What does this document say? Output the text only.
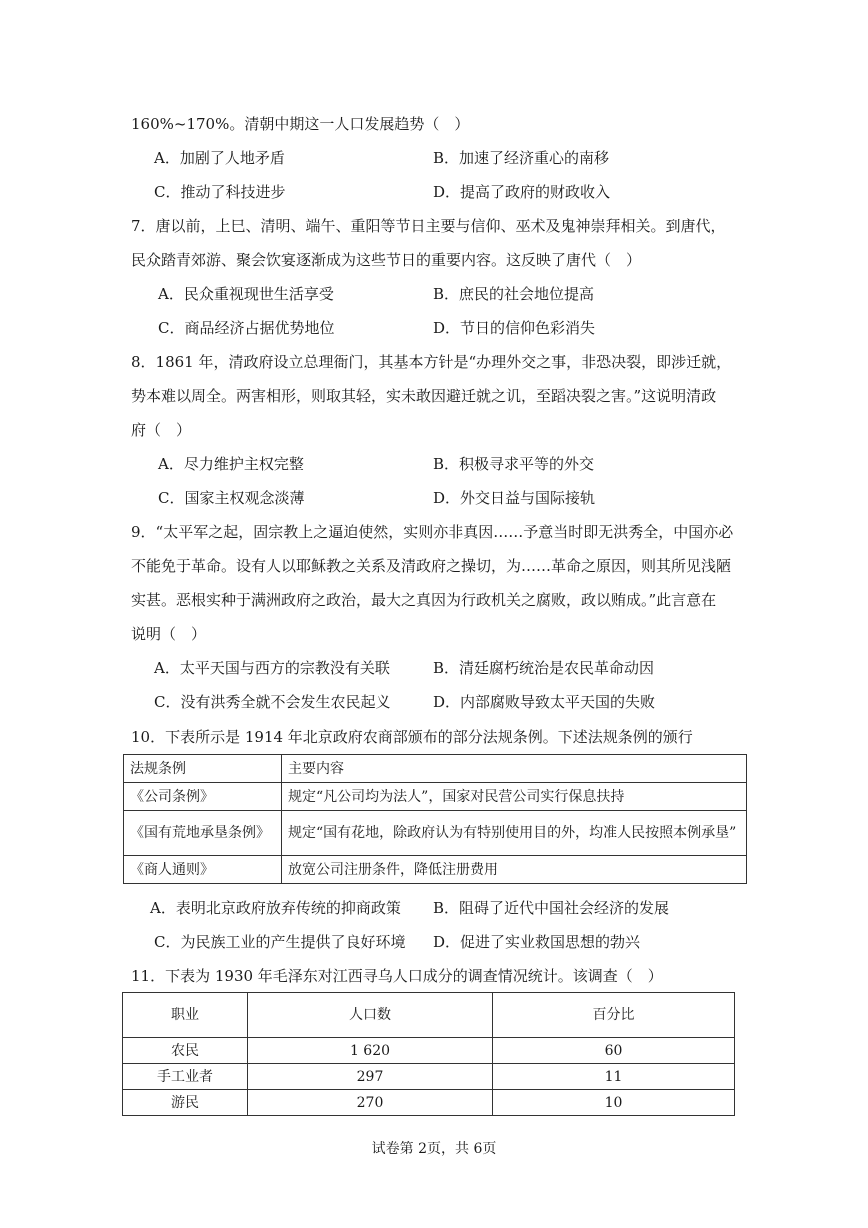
160%~170%。清朝中期这一人口发展趋势（　）
A．加剧了人地矛盾	B．加速了经济重心的南移
C．推动了科技进步	D．提高了政府的财政收入
7．唐以前，上巳、清明、端午、重阳等节日主要与信仰、巫术及鬼神崇拜相关。到唐代，
民众踏青郊游、聚会饮宴逐渐成为这些节日的重要内容。这反映了唐代（　）
A．民众重视现世生活享受	B．庶民的社会地位提高
C．商品经济占据优势地位	D．节日的信仰色彩消失
8．1861 年，清政府设立总理衙门，其基本方针是“办理外交之事，非恐决裂，即涉迁就，
势本难以周全。两害相形，则取其轻，实未敢因避迁就之讥，至蹈决裂之害。”这说明清政
府（　）
A．尽力维护主权完整	B．积极寻求平等的外交
C．国家主权观念淡薄	D．外交日益与国际接轨
9．“太平军之起，固宗教上之逼迫使然，实则亦非真因……予意当时即无洪秀全，中国亦必
不能免于革命。设有人以耶稣教之关系及清政府之操切，为……革命之原因，则其所见浅陋
实甚。恶根实种于满洲政府之政治，最大之真因为行政机关之腐败，政以贿成。”此言意在
说明（　）
A．太平天国与西方的宗教没有关联	B．清廷腐朽统治是农民革命动因
C．没有洪秀全就不会发生农民起义	D．内部腐败导致太平天国的失败
10．下表所示是 1914 年北京政府农商部颁布的部分法规条例。下述法规条例的颁行
法规条例	主要内容
《公司条例》	规定“凡公司均为法人”，国家对民营公司实行保息扶持
《国有荒地承垦条例》	规定“国有花地，除政府认为有特别使用目的外，均准人民按照本例承垦”
《商人通则》	放宽公司注册条件，降低注册费用
A．表明北京政府放弃传统的抑商政策 B．阻碍了近代中国社会经济的发展
C．为民族工业的产生提供了良好环境 D．促进了实业救国思想的勃兴
11．下表为 1930 年毛泽东对江西寻乌人口成分的调查情况统计。该调查（　）
职业	人口数	百分比
农民	1 620	60
手工业者	297	11
游民	270	10
试卷第 2页，共 6页
